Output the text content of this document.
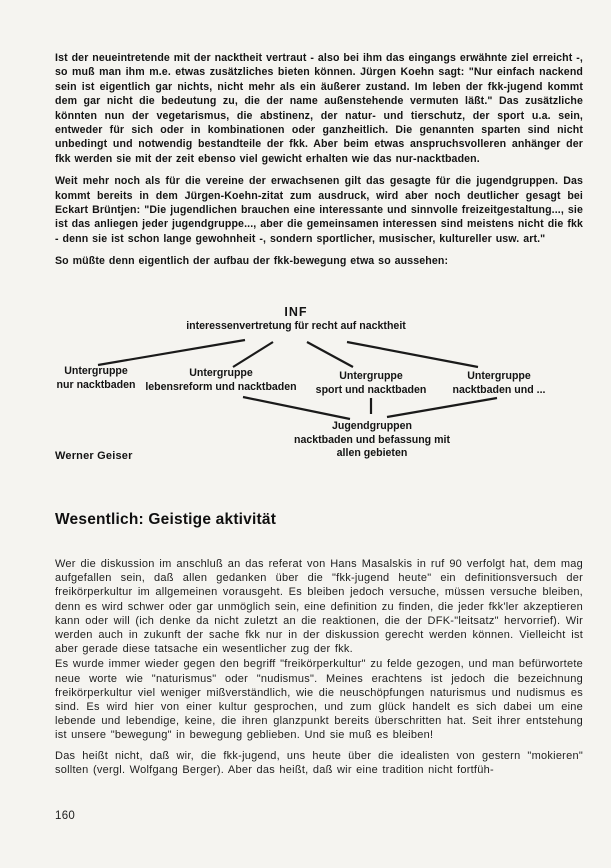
Ist der neueintretende mit der nacktheit vertraut - also bei ihm das eingangs erwähnte ziel erreicht -, so muß man ihm m.e. etwas zusätzliches bieten können. Jürgen Koehn sagt: "Nur einfach nackend sein ist eigentlich gar nichts, nicht mehr als ein äußerer zustand. Im leben der fkk-jugend kommt dem gar nicht die bedeutung zu, die der name außenstehende vermuten läßt." Das zusätzliche könnten nun der vegetarismus, die abstinenz, der natur- und tierschutz, der sport u.a. sein, entweder für sich oder in kombinationen oder ganzheitlich. Die genannten sparten sind nicht unbedingt und notwendig bestandteile der fkk. Aber beim etwas anspruchsvolleren anhänger der fkk werden sie mit der zeit ebenso viel gewicht erhalten wie das nur-nacktbaden.

Weit mehr noch als für die vereine der erwachsenen gilt das gesagte für die jugendgruppen. Das kommt bereits in dem Jürgen-Koehn-zitat zum ausdruck, wird aber noch deutlicher gesagt bei Eckart Brüntjen: "Die jugendlichen brauchen eine interessante und sinnvolle freizeitgestaltung..., sie ist das anliegen jeder jugendgruppe..., aber die gemeinsamen interessen sind meistens nicht die fkk - denn sie ist schon lange gewohnheit -, sondern sportlicher, musischer, kultureller usw. art."

So müßte denn eigentlich der aufbau der fkk-bewegung etwa so aussehen:

INF
interessenvertretung für recht auf nacktheit
Untergruppe
nur nacktbaden
Untergruppe
lebensreform und nacktbaden
Untergruppe
sport und nacktbaden
Untergruppe
nacktbaden und ...
Jugendgruppen
nacktbaden und befassung mit
allen gebieten
Werner Geiser
Wesentlich: Geistige aktivität

Wer die diskussion im anschluß an das referat von Hans Masalskis in ruf 90 verfolgt hat, dem mag aufgefallen sein, daß allen gedanken über die "fkk-jugend heute" ein definitionsversuch der freikörperkultur im allgemeinen vorausgeht. Es bleiben jedoch versuche, müssen versuche bleiben, denn es wird schwer oder gar unmöglich sein, eine definition zu finden, die jeder fkk'ler akzeptieren kann oder will (ich denke da nicht zuletzt an die reaktionen, die der DFK-"leitsatz" hervorrief). Wir werden auch in zukunft der sache fkk nur in der diskussion gerecht werden können. Vielleicht ist aber gerade diese tatsache ein wesentlicher zug der fkk.

Es wurde immer wieder gegen den begriff "freikörperkultur" zu felde gezogen, und man befürwortete neue worte wie "naturismus" oder "nudismus". Meines erachtens ist jedoch die bezeichnung freikörperkultur viel weniger mißverständlich, wie die neuschöpfungen naturismus und nudismus es sind. Es wird hier von einer kultur gesprochen, und zum glück handelt es sich dabei um eine lebende und lebendige, keine, die ihren glanzpunkt bereits überschritten hat. Seit ihrer entstehung ist unsere "bewegung" in bewegung geblieben. Und sie muß es bleiben!

Das heißt nicht, daß wir, die fkk-jugend, uns heute über die idealisten von gestern "mokieren" sollten (vergl. Wolfgang Berger). Aber das heißt, daß wir eine tradition nicht fortfüh-

160
